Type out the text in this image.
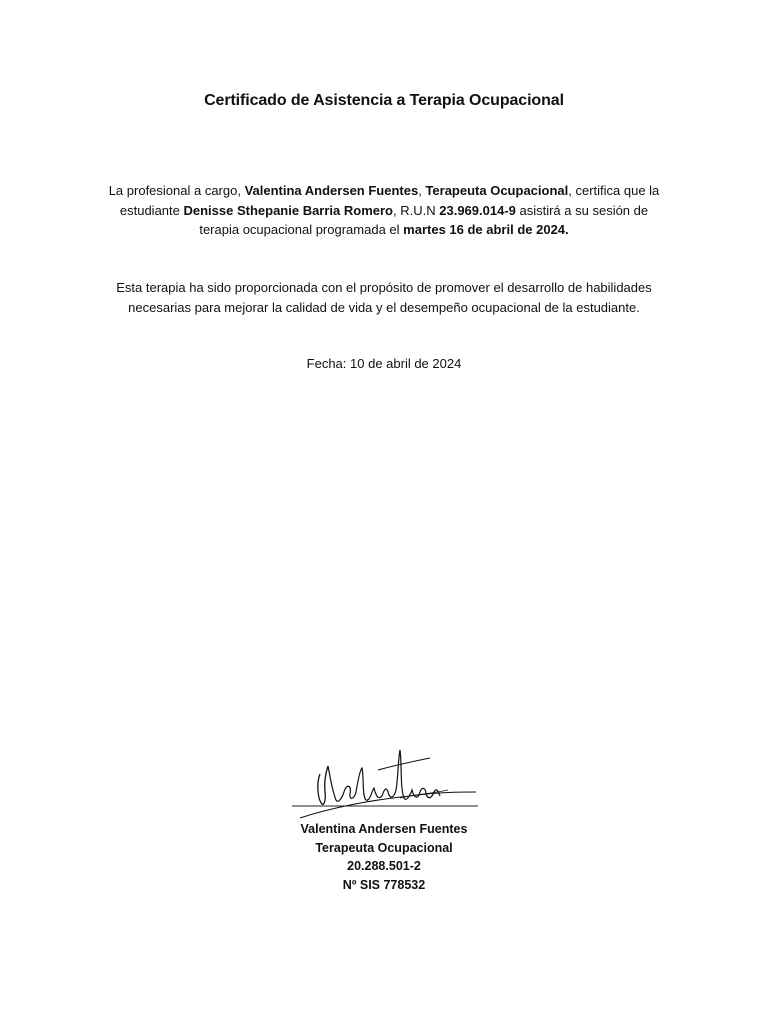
Certificado de Asistencia a Terapia Ocupacional
La profesional a cargo, Valentina Andersen Fuentes, Terapeuta Ocupacional, certifica que la estudiante Denisse Sthepanie Barria Romero, R.U.N 23.969.014-9 asistirá a su sesión de terapia ocupacional programada el martes 16 de abril de 2024.
Esta terapia ha sido proporcionada con el propósito de promover el desarrollo de habilidades necesarias para mejorar la calidad de vida y el desempeño ocupacional de la estudiante.
Fecha: 10 de abril de 2024
Valentina Andersen Fuentes
Terapeuta Ocupacional
20.288.501-2
Nº SIS 778532
